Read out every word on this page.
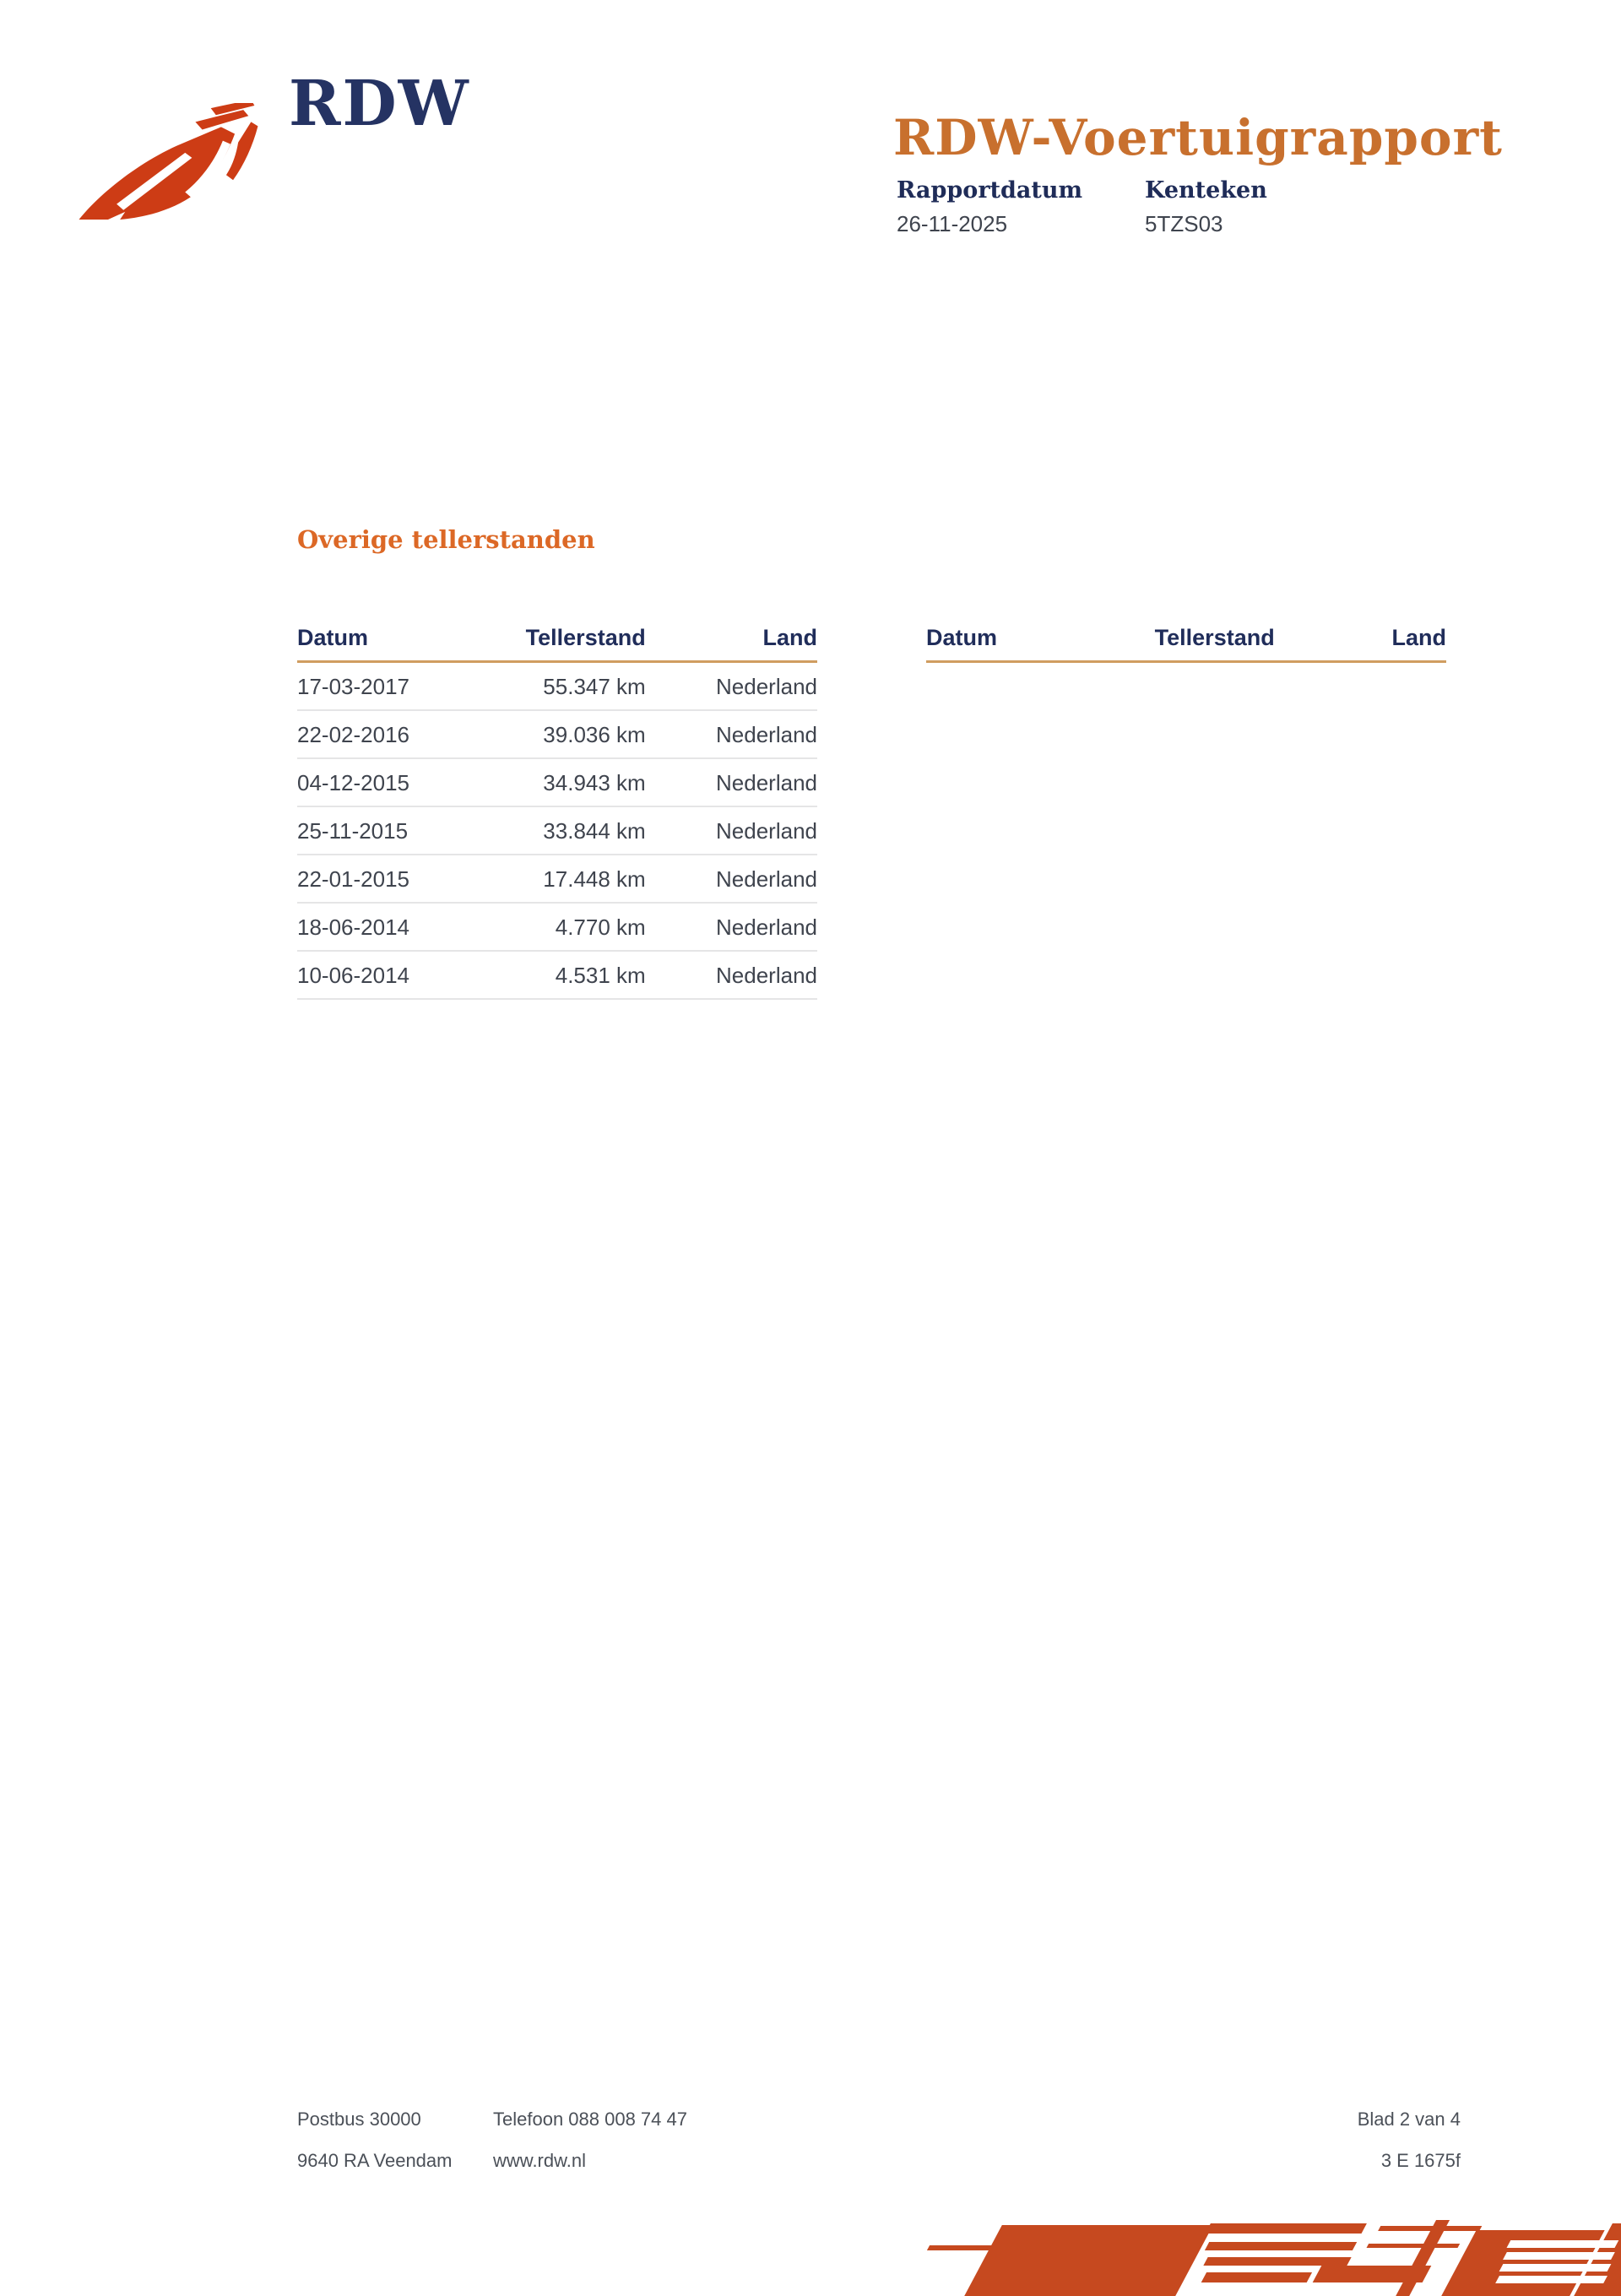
RDW	RDW-Voertuigrapport
Rapportdatum
26-11-2025
Kenteken
5TZS03
Overige tellerstanden
Datum	Tellerstand	Land
17-03-2017	55.347 km	Nederland
22-02-2016	39.036 km	Nederland
04-12-2015	34.943 km	Nederland
25-11-2015	33.844 km	Nederland
22-01-2015	17.448 km	Nederland
18-06-2014	4.770 km	Nederland
10-06-2014	4.531 km	Nederland
Datum	Tellerstand	Land
Postbus 30000
9640 RA Veendam
Telefoon 088 008 74 47
www.rdw.nl
Blad 2 van 4
3 E 1675f
